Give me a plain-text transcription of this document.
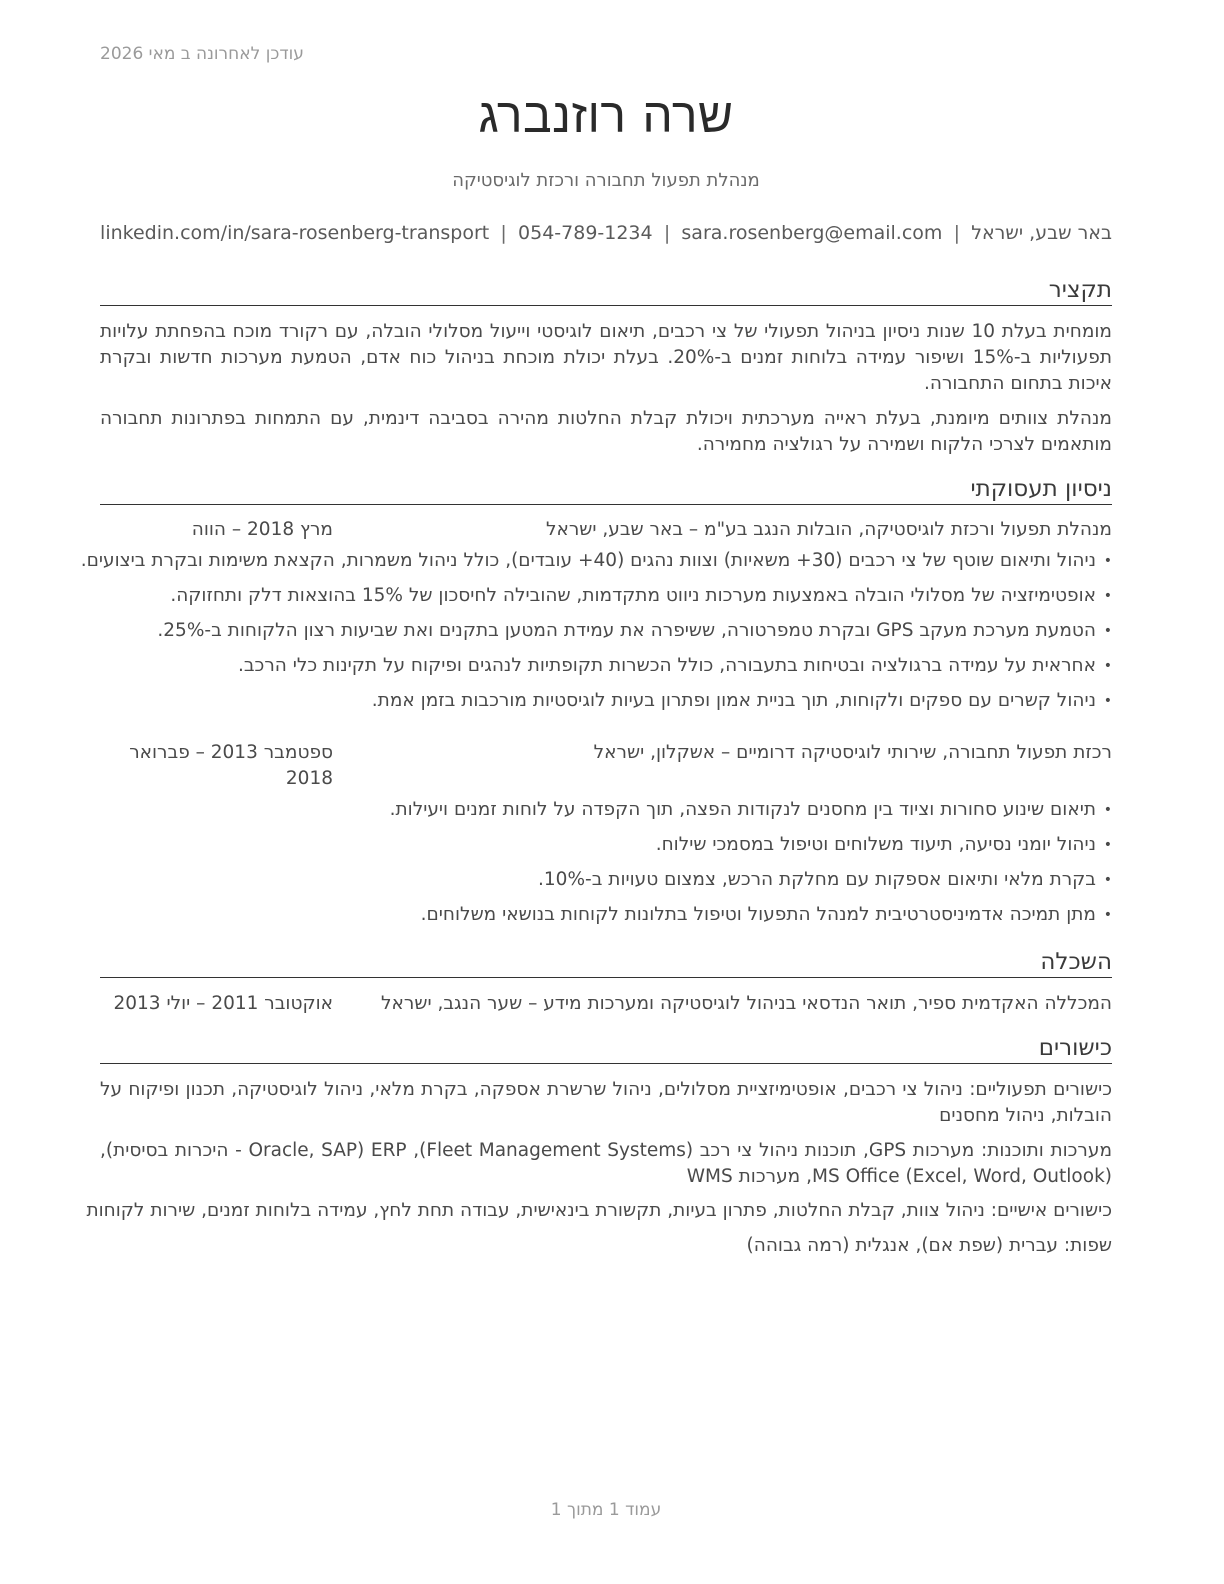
עודכן לאחרונה ב מאי 2026
שרה רוזנברג
מנהלת תפעול תחבורה ורכזת לוגיסטיקה
באר שבע, ישראל
|
sara.rosenberg@email.com
|
054-789-1234
|
linkedin.com/in/sara-rosenberg-transport
תקציר
מומחית בעלת 10 שנות ניסיון בניהול תפעולי של צי רכבים, תיאום לוגיסטי וייעול מסלולי הובלה, עם רקורד מוכח בהפחתת עלויות תפעוליות ב-15% ושיפור עמידה בלוחות זמנים ב-20%. בעלת יכולת מוכחת בניהול כוח אדם, הטמעת מערכות חדשות ובקרת איכות בתחום התחבורה.
מנהלת צוותים מיומנת, בעלת ראייה מערכתית ויכולת קבלת החלטות מהירה בסביבה דינמית, עם התמחות בפתרונות תחבורה מותאמים לצרכי הלקוח ושמירה על רגולציה מחמירה.
ניסיון תעסוקתי
מנהלת תפעול ורכזת לוגיסטיקה, הובלות הנגב בע"מ – באר שבע, ישראל
מרץ 2018 – הווה
•
ניהול ותיאום שוטף של צי רכבים (30+ משאיות) וצוות נהגים (40+ עובדים), כולל ניהול משמרות, הקצאת משימות ובקרת ביצועים.
•
אופטימיזציה של מסלולי הובלה באמצעות מערכות ניווט מתקדמות, שהובילה לחיסכון של 15% בהוצאות דלק ותחזוקה.
•
הטמעת מערכת מעקב GPS ובקרת טמפרטורה, ששיפרה את עמידת המטען בתקנים ואת שביעות רצון הלקוחות ב-25%.
•
אחראית על עמידה ברגולציה ובטיחות בתעבורה, כולל הכשרות תקופתיות לנהגים ופיקוח על תקינות כלי הרכב.
•
ניהול קשרים עם ספקים ולקוחות, תוך בניית אמון ופתרון בעיות לוגיסטיות מורכבות בזמן אמת.
רכזת תפעול תחבורה, שירותי לוגיסטיקה דרומיים – אשקלון, ישראל
ספטמבר 2013 – פברואר 2018
•
תיאום שינוע סחורות וציוד בין מחסנים לנקודות הפצה, תוך הקפדה על לוחות זמנים ויעילות.
•
ניהול יומני נסיעה, תיעוד משלוחים וטיפול במסמכי שילוח.
•
בקרת מלאי ותיאום אספקות עם מחלקת הרכש, צמצום טעויות ב-10%.
•
מתן תמיכה אדמיניסטרטיבית למנהל התפעול וטיפול בתלונות לקוחות בנושאי משלוחים.
השכלה
המכללה האקדמית ספיר, תואר הנדסאי בניהול לוגיסטיקה ומערכות מידע – שער הנגב, ישראל
אוקטובר 2011 – יולי 2013
כישורים
כישורים תפעוליים: ניהול צי רכבים, אופטימיזציית מסלולים, ניהול שרשרת אספקה, בקרת מלאי, ניהול לוגיסטיקה, תכנון ופיקוח על הובלות, ניהול מחסנים
מערכות ותוכנות: מערכות GPS, תוכנות ניהול צי רכב (Fleet Management Systems), ERP (Oracle, SAP - היכרות בסיסית), MS Office (Excel, Word, Outlook), מערכות WMS
כישורים אישיים: ניהול צוות, קבלת החלטות, פתרון בעיות, תקשורת בינאישית, עבודה תחת לחץ, עמידה בלוחות זמנים, שירות לקוחות
שפות: עברית (שפת אם), אנגלית (רמה גבוהה)
עמוד 1 מתוך 1
